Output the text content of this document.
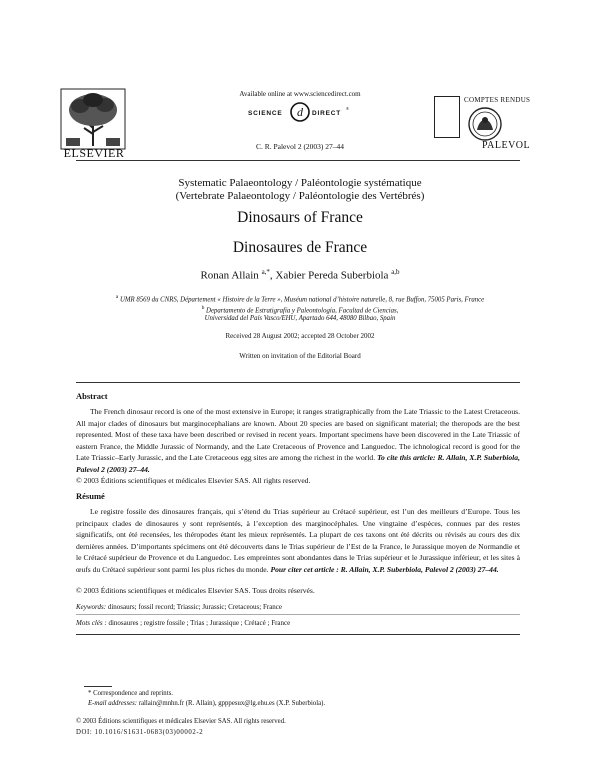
ELSEVIER
Available online at www.sciencedirect.com
d
SCIENCE	DIRECT
®
C. R. Palevol 2 (2003) 27–44
COMPTES RENDUS
PALEVOL
Systematic Palaeontology / Paléontologie systématique
(Vertebrate Palaeontology / Paléontologie des Vertébrés)
Dinosaurs of France
Dinosaures de France
Ronan Allain $^{a,*}$, Xabier Pereda Suberbiola $^{a,b}$
$^a$ UMR 8569 du CNRS, Département « Histoire de la Terre », Muséum national d’histoire naturelle, 8, rue Buffon, 75005 Paris, France
$^b$ Departamento de Estratigrafía y Paleontología, Facultad de Ciencias,
Universidad del País Vasco/EHU, Apartado 644, 48080 Bilbao, Spain
Received 28 August 2002; accepted 28 October 2002
Written on invitation of the Editorial Board
Abstract
The French dinosaur record is one of the most extensive in Europe; it ranges stratigraphically from the Late Triassic to the Latest Cretaceous. All major clades of dinosaurs but marginocephalians are known. About 20 species are based on significant material; the theropods are the best represented. Most of these taxa have been described or revised in recent years. Important specimens have been discovered in the Late Triassic of eastern France, the Middle Jurassic of Normandy, and the Late Cretaceous of Provence and Languedoc. The ichnological record is good for the Late Triassic–Early Jurassic, and the Late Cretaceous egg sites are among the richest in the world. To cite this article: R. Allain, X.P. Suberbiola, Palevol 2 (2003) 27–44.
© 2003 Éditions scientifiques et médicales Elsevier SAS. All rights reserved.
Résumé
Le registre fossile des dinosaures français, qui s’étend du Trias supérieur au Crétacé supérieur, est l’un des meilleurs d’Europe. Tous les principaux clades de dinosaures y sont représentés, à l’exception des marginocéphales. Une vingtaine d’espèces, connues par des restes significatifs, ont été recensées, les théropodes étant les mieux représentés. La plupart de ces taxons ont été décrits ou révisés au cours des dix dernières années. D’importants spécimens ont été découverts dans le Trias supérieur de l’Est de la France, le Jurassique moyen de Normandie et le Crétacé supérieur de Provence et du Languedoc. Les empreintes sont abondantes dans le Trias supérieur et le Jurassique inférieur, et les sites à œufs du Crétacé supérieur sont parmi les plus riches du monde. Pour citer cet article : R. Allain, X.P. Suberbiola, Palevol 2 (2003) 27–44.
© 2003 Éditions scientifiques et médicales Elsevier SAS. Tous droits réservés.
Keywords: dinosaurs; fossil record; Triassic; Jurassic; Cretaceous; France
Mots clés : dinosaures ; registre fossile ; Trias ; Jurassique ; Crétacé ; France
* Correspondence and reprints.
E-mail addresses: rallain@mnhn.fr (R. Allain), gpppesux@lg.ehu.es (X.P. Suberbiola).
© 2003 Éditions scientifiques et médicales Elsevier SAS. All rights reserved.
DOI: 10.1016/S1631-0683(03)00002-2
